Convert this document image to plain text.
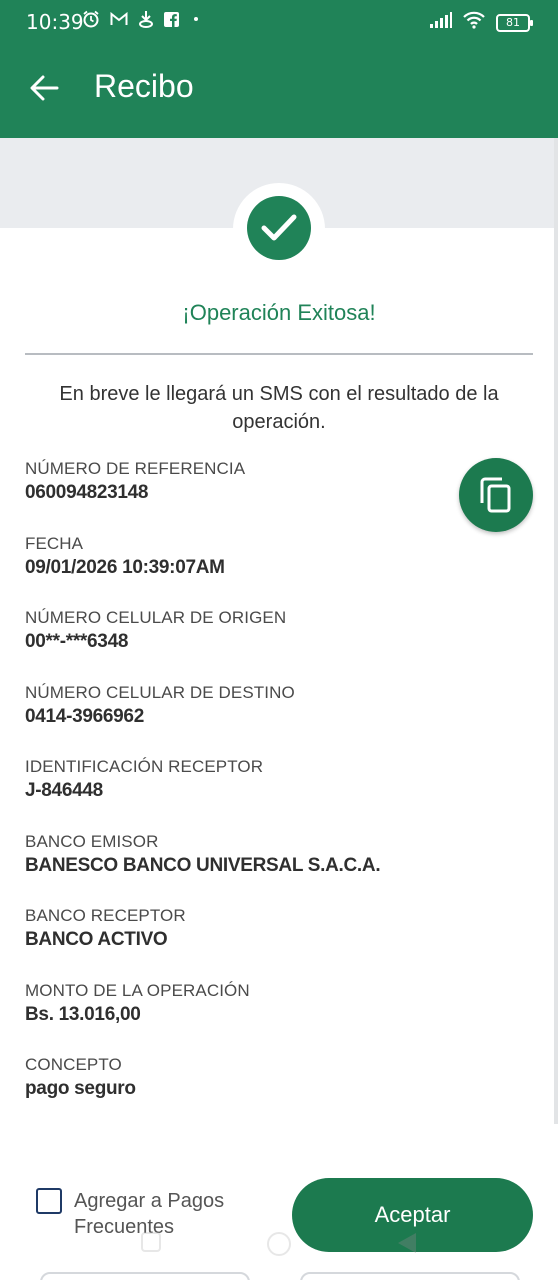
10:39	81
Recibo
¡Operación Exitosa!
En breve le llegará un SMS con el resultado de la operación.
NÚMERO DE REFERENCIA
060094823148
FECHA
09/01/2026 10:39:07AM
NÚMERO CELULAR DE ORIGEN
00**-***6348
NÚMERO CELULAR DE DESTINO
0414-3966962
IDENTIFICACIÓN RECEPTOR
J-846448
BANCO EMISOR
BANESCO BANCO UNIVERSAL S.A.C.A.
BANCO RECEPTOR
BANCO ACTIVO
MONTO DE LA OPERACIÓN
Bs. 13.016,00
CONCEPTO
pago seguro
Agregar a Pagos Frecuentes	Aceptar
